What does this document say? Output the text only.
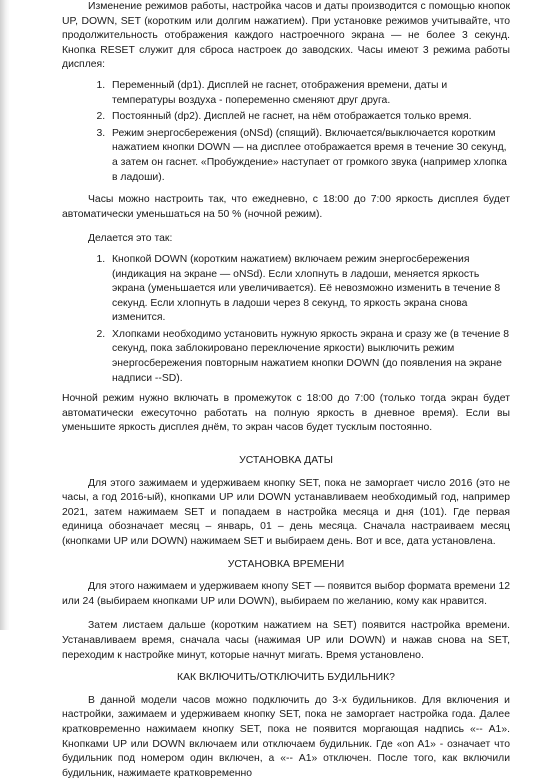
Изменение режимов работы, настройка часов и даты производится с помощью кнопок UP, DOWN, SET (коротким или долгим нажатием). При установке режимов учитывайте, что продолжительность отображения каждого настроечного экрана — не более 3 секунд. Кнопка RESET служит для сброса настроек до заводских. Часы имеют 3 режима работы дисплея:

1. Переменный (dp1). Дисплей не гаснет, отображения времени, даты и температуры воздуха - попеременно сменяют друг друга.
2. Постоянный (dp2). Дисплей не гаснет, на нём отображается только время.
3. Режим энергосбережения (oNSd) (спящий). Включается/выключается коротким нажатием кнопки DOWN — на дисплее отображается время в течение 30 секунд, а затем он гаснет. «Пробуждение» наступает от громкого звука (например хлопка в ладоши).

Часы можно настроить так, что ежедневно, с 18:00 до 7:00 яркость дисплея будет автоматически уменьшаться на 50 % (ночной режим).

Делается это так:

1. Кнопкой DOWN (коротким нажатием) включаем режим энергосбережения (индикация на экране — oNSd). Если хлопнуть в ладоши, меняется яркость экрана (уменьшается или увеличивается). Её невозможно изменить в течение 8 секунд. Если хлопнуть в ладоши через 8 секунд, то яркость экрана снова изменится.
2. Хлопками необходимо установить нужную яркость экрана и сразу же (в течение 8 секунд, пока заблокировано переключение яркости) выключить режим энергосбережения повторным нажатием кнопки DOWN (до появления на экране надписи --SD).

Ночной режим нужно включать в промежуток с 18:00 до 7:00 (только тогда экран будет автоматически ежесуточно работать на полную яркость в дневное время). Если вы уменьшите яркость дисплея днём, то экран часов будет тусклым постоянно.

УСТАНОВКА ДАТЫ

Для этого зажимаем и удерживаем кнопку SET, пока не заморгает число 2016 (это не часы, а год 2016-ый), кнопками UP или DOWN устанавливаем необходимый год, например 2021, затем нажимаем SET и попадаем в настройка месяца и дня (101). Где первая единица обозначает месяц – январь, 01 – день месяца. Сначала настраиваем месяц (кнопками UP или DOWN) нажимаем SET и выбираем день. Вот и все, дата установлена.

УСТАНОВКА ВРЕМЕНИ

Для этого нажимаем и удерживаем кнопу SET — появится выбор формата времени 12 или 24 (выбираем кнопками UP или DOWN), выбираем по желанию, кому как нравится.

Затем листаем дальше (коротким нажатием на SET) появится настройка времени. Устанавливаем время, сначала часы (нажимая UP или DOWN) и нажав снова на SET, переходим к настройке минут, которые начнут мигать. Время установлено.

КАК ВКЛЮЧИТЬ/ОТКЛЮЧИТЬ БУДИЛЬНИК?

В данной модели часов можно подключить до 3-х будильников. Для включения и настройки, зажимаем и удерживаем кнопку SET, пока не заморгает настройка года. Далее кратковременно нажимаем кнопку SET, пока не появится моргающая надпись «-- А1». Кнопками UP или DOWN включаем или отключаем будильник. Где «on A1» - означает что будильник под номером один включен, а «-- A1» отключен. После того, как включили будильник, нажимаете кратковременно
